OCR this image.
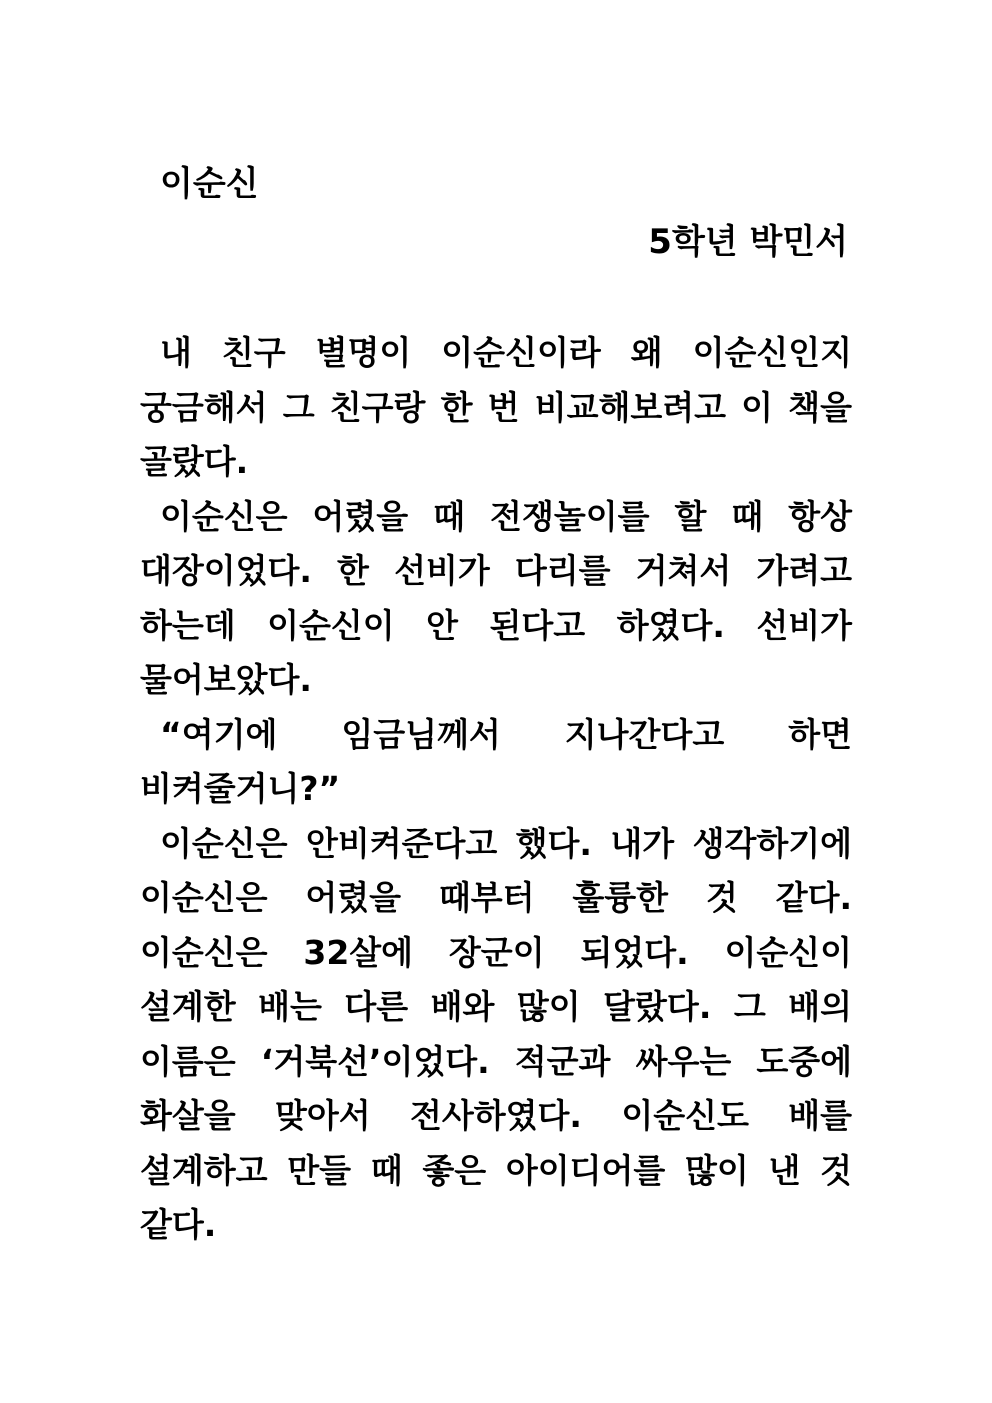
이순신
5학년 박민서

내 친구 별명이 이순신이라 왜 이순신인지 궁금해서 그 친구랑 한 번 비교해보려고 이 책을 골랐다.

이순신은 어렸을 때 전쟁놀이를 할 때 항상 대장이었다. 한 선비가 다리를 거쳐서 가려고 하는데 이순신이 안 된다고 하였다. 선비가 물어보았다.

“여기에 임금님께서 지나간다고 하면 비켜줄거니?”

이순신은 안비켜준다고 했다. 내가 생각하기에 이순신은 어렸을 때부터 훌륭한 것 같다. 이순신은 32살에 장군이 되었다. 이순신이 설계한 배는 다른 배와 많이 달랐다. 그 배의 이름은 ‘거북선’이었다. 적군과 싸우는 도중에 화살을 맞아서 전사하였다. 이순신도 배를 설계하고 만들 때 좋은 아이디어를 많이 낸 것 같다.
